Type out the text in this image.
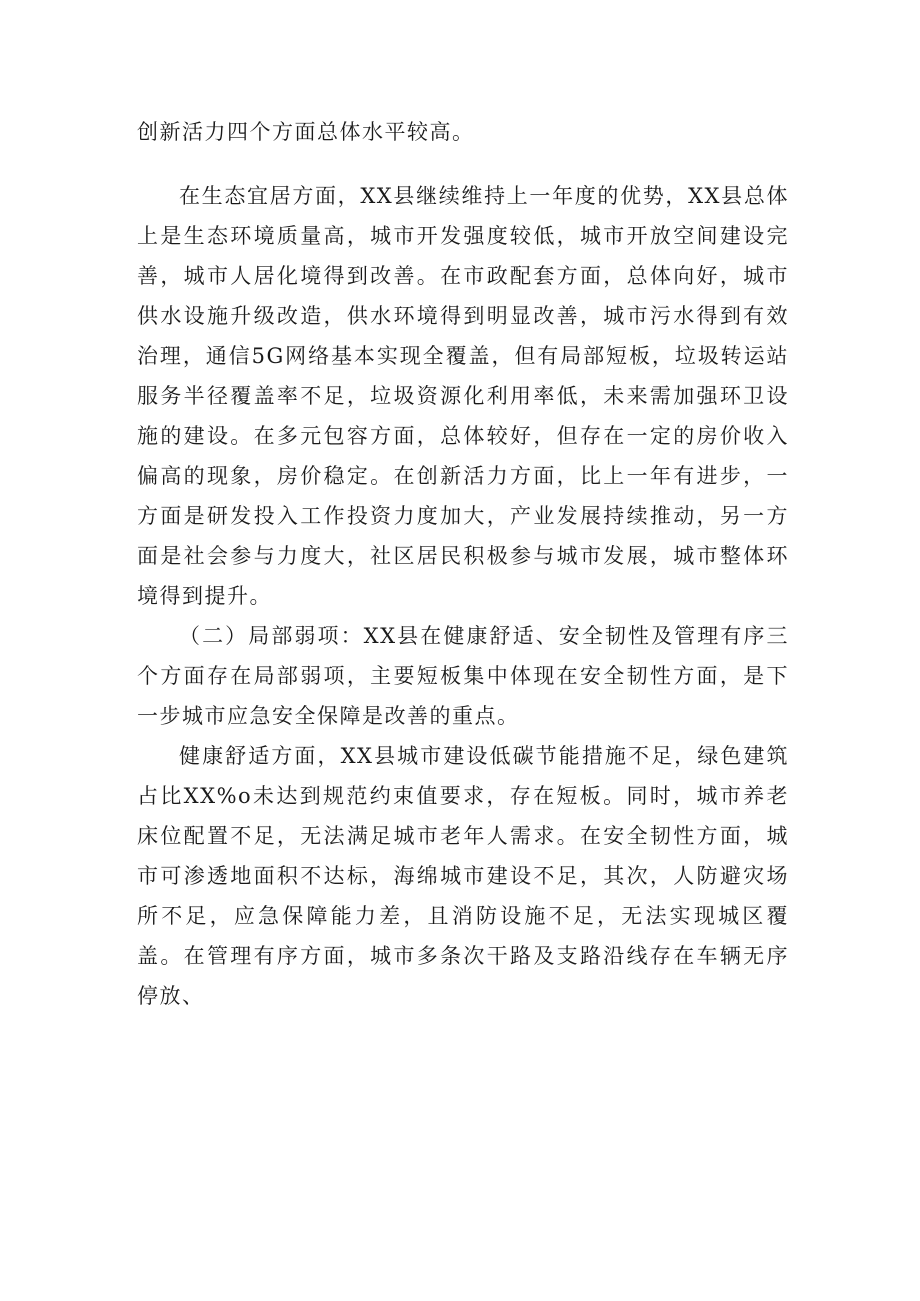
创新活力四个方面总体水平较高。

在生态宜居方面，XX县继续维持上一年度的优势，XX县总体上是生态环境质量高，城市开发强度较低，城市开放空间建设完善，城市人居化境得到改善。在市政配套方面，总体向好，城市供水设施升级改造，供水环境得到明显改善，城市污水得到有效治理，通信5G网络基本实现全覆盖，但有局部短板，垃圾转运站服务半径覆盖率不足，垃圾资源化利用率低，未来需加强环卫设施的建设。在多元包容方面，总体较好，但存在一定的房价收入偏高的现象，房价稳定。在创新活力方面，比上一年有进步，一方面是研发投入工作投资力度加大，产业发展持续推动，另一方面是社会参与力度大，社区居民积极参与城市发展，城市整体环境得到提升。

（二）局部弱项：XX县在健康舒适、安全韧性及管理有序三个方面存在局部弱项，主要短板集中体现在安全韧性方面，是下一步城市应急安全保障是改善的重点。

健康舒适方面，XX县城市建设低碳节能措施不足，绿色建筑占比XX%o未达到规范约束值要求，存在短板。同时，城市养老床位配置不足，无法满足城市老年人需求。在安全韧性方面，城市可渗透地面积不达标，海绵城市建设不足，其次，人防避灾场所不足，应急保障能力差，且消防设施不足，无法实现城区覆盖。在管理有序方面，城市多条次干路及支路沿线存在车辆无序停放、
